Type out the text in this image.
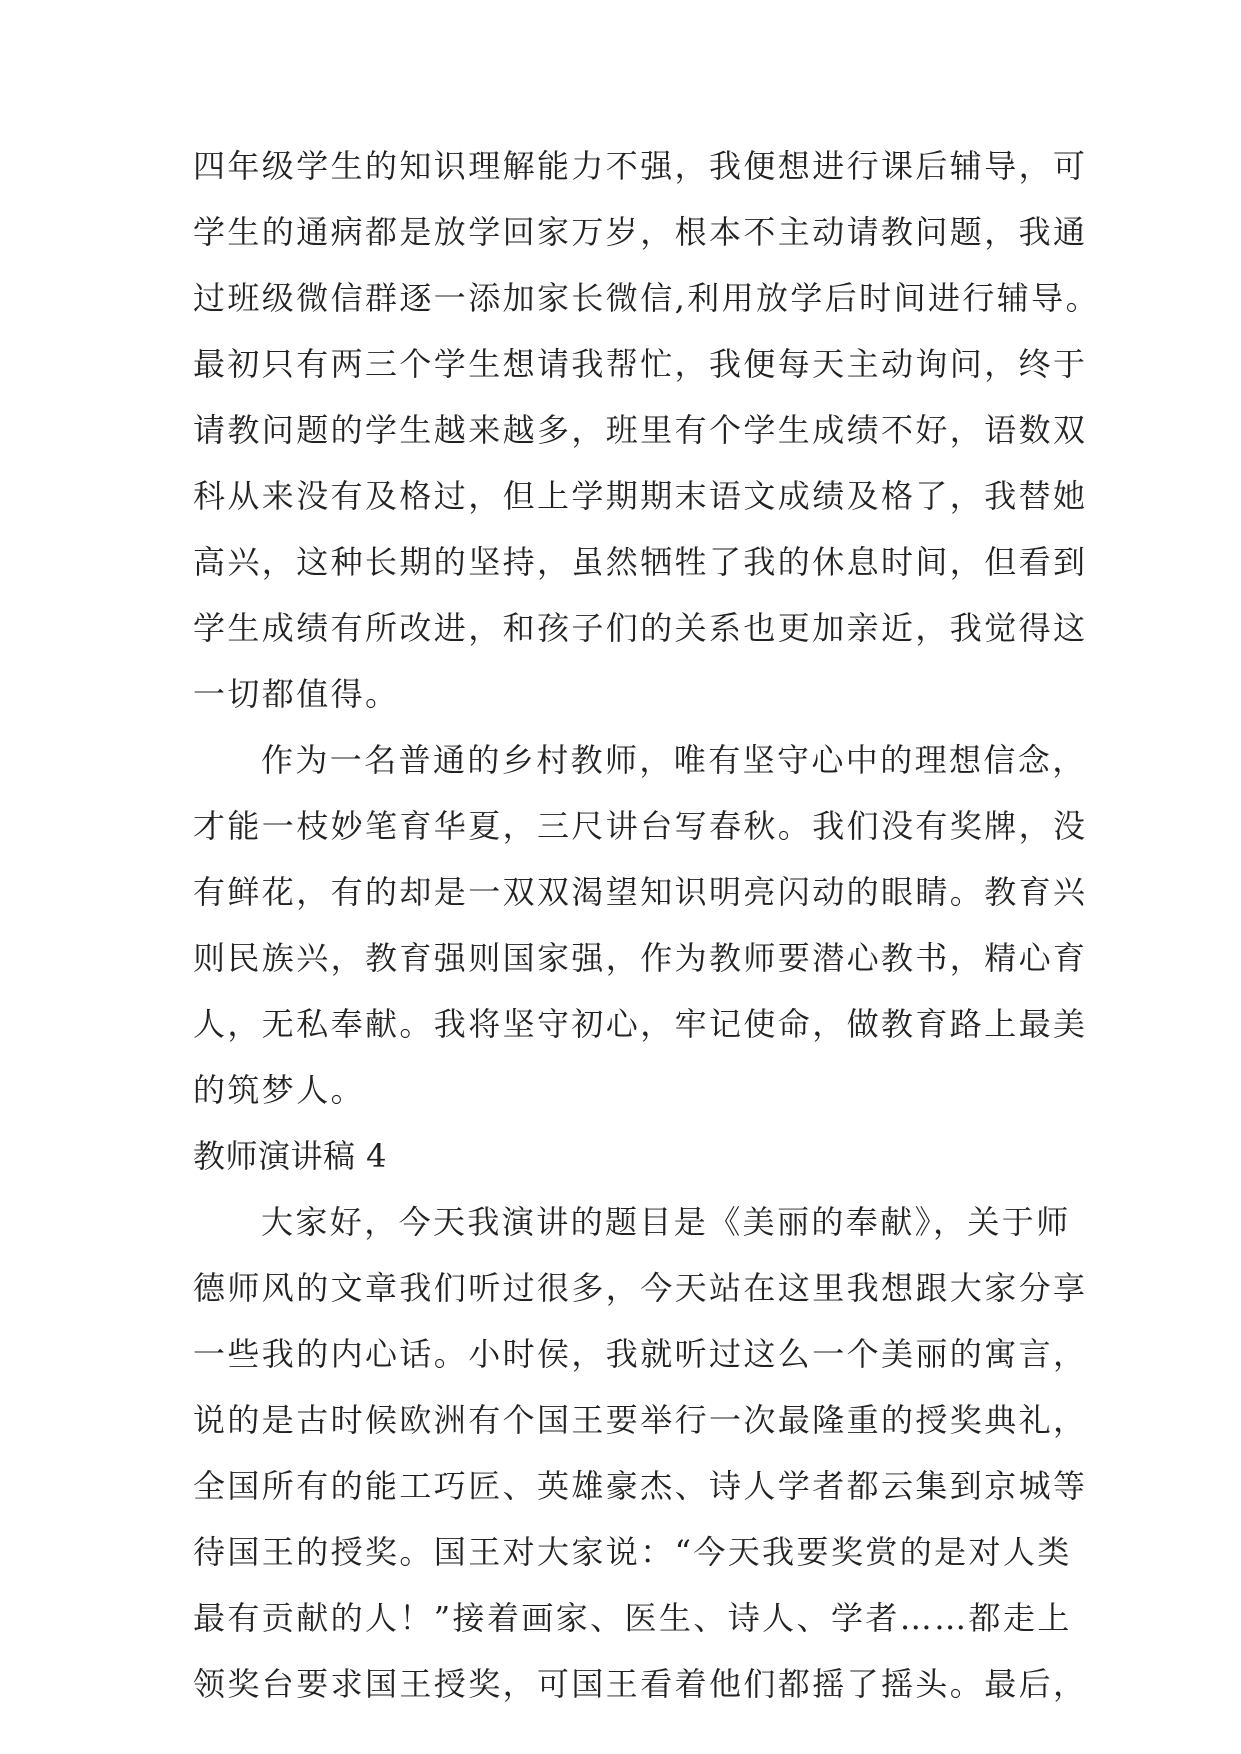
四年级学生的知识理解能力不强，我便想进行课后辅导，可

学生的通病都是放学回家万岁，根本不主动请教问题，我通

过班级微信群逐一添加家长微信,利用放学后时间进行辅导。

最初只有两三个学生想请我帮忙，我便每天主动询问，终于

请教问题的学生越来越多，班里有个学生成绩不好，语数双

科从来没有及格过，但上学期期末语文成绩及格了，我替她

高兴，这种长期的坚持，虽然牺牲了我的休息时间，但看到

学生成绩有所改进，和孩子们的关系也更加亲近，我觉得这

一切都值得。

作为一名普通的乡村教师，唯有坚守心中的理想信念，

才能一枝妙笔育华夏，三尺讲台写春秋。我们没有奖牌，没

有鲜花，有的却是一双双渴望知识明亮闪动的眼睛。教育兴

则民族兴，教育强则国家强，作为教师要潜心教书，精心育

人，无私奉献。我将坚守初心，牢记使命，做教育路上最美

的筑梦人。

教师演讲稿 4

大家好，今天我演讲的题目是《美丽的奉献》，关于师

德师风的文章我们听过很多，今天站在这里我想跟大家分享

一些我的内心话。小时侯，我就听过这么一个美丽的寓言，

说的是古时候欧洲有个国王要举行一次最隆重的授奖典礼，

全国所有的能工巧匠、英雄豪杰、诗人学者都云集到京城等

待国王的授奖。国王对大家说：“今天我要奖赏的是对人类

最有贡献的人！”接着画家、医生、诗人、学者……都走上

领奖台要求国王授奖，可国王看着他们都摇了摇头。最后，
